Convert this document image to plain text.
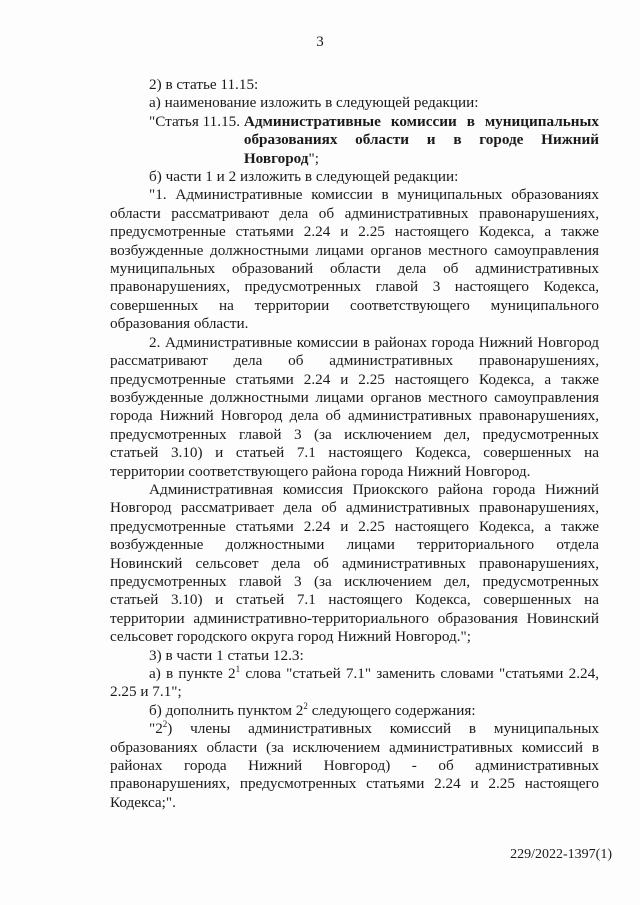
3

2) в статье 11.15:

а) наименование изложить в следующей редакции:

"Статья 11.15. Административные комиссии в муниципальных образованиях области и в городе Нижний Новгород";

б) части 1 и 2 изложить в следующей редакции:

"1. Административные комиссии в муниципальных образованиях области рассматривают дела об административных правонарушениях, предусмотренные статьями 2.24 и 2.25 настоящего Кодекса, а также возбужденные должностными лицами органов местного самоуправления муниципальных образований области дела об административных правонарушениях, предусмотренных главой 3 настоящего Кодекса, совершенных на территории соответствующего муниципального образования области.

2. Административные комиссии в районах города Нижний Новгород рассматривают дела об административных правонарушениях, предусмотренные статьями 2.24 и 2.25 настоящего Кодекса, а также возбужденные должностными лицами органов местного самоуправления города Нижний Новгород дела об административных правонарушениях, предусмотренных главой 3 (за исключением дел, предусмотренных статьей 3.10) и статьей 7.1 настоящего Кодекса, совершенных на территории соответствующего района города Нижний Новгород.

Административная комиссия Приокского района города Нижний Новгород рассматривает дела об административных правонарушениях, предусмотренные статьями 2.24 и 2.25 настоящего Кодекса, а также возбужденные должностными лицами территориального отдела Новинский сельсовет дела об административных правонарушениях, предусмотренных главой 3 (за исключением дел, предусмотренных статьей 3.10) и статьей 7.1 настоящего Кодекса, совершенных на территории административно-территориального образования Новинский сельсовет городского округа город Нижний Новгород.";

3) в части 1 статьи 12.3:

а) в пункте $2^1$ слова "статьей 7.1" заменить словами "статьями 2.24, 2.25 и 7.1";

б) дополнить пунктом $2^2$ следующего содержания:

"$2^2$) члены административных комиссий в муниципальных образованиях области (за исключением административных комиссий в районах города Нижний Новгород) - об административных правонарушениях, предусмотренных статьями 2.24 и 2.25 настоящего Кодекса;".

229/2022-1397(1)
